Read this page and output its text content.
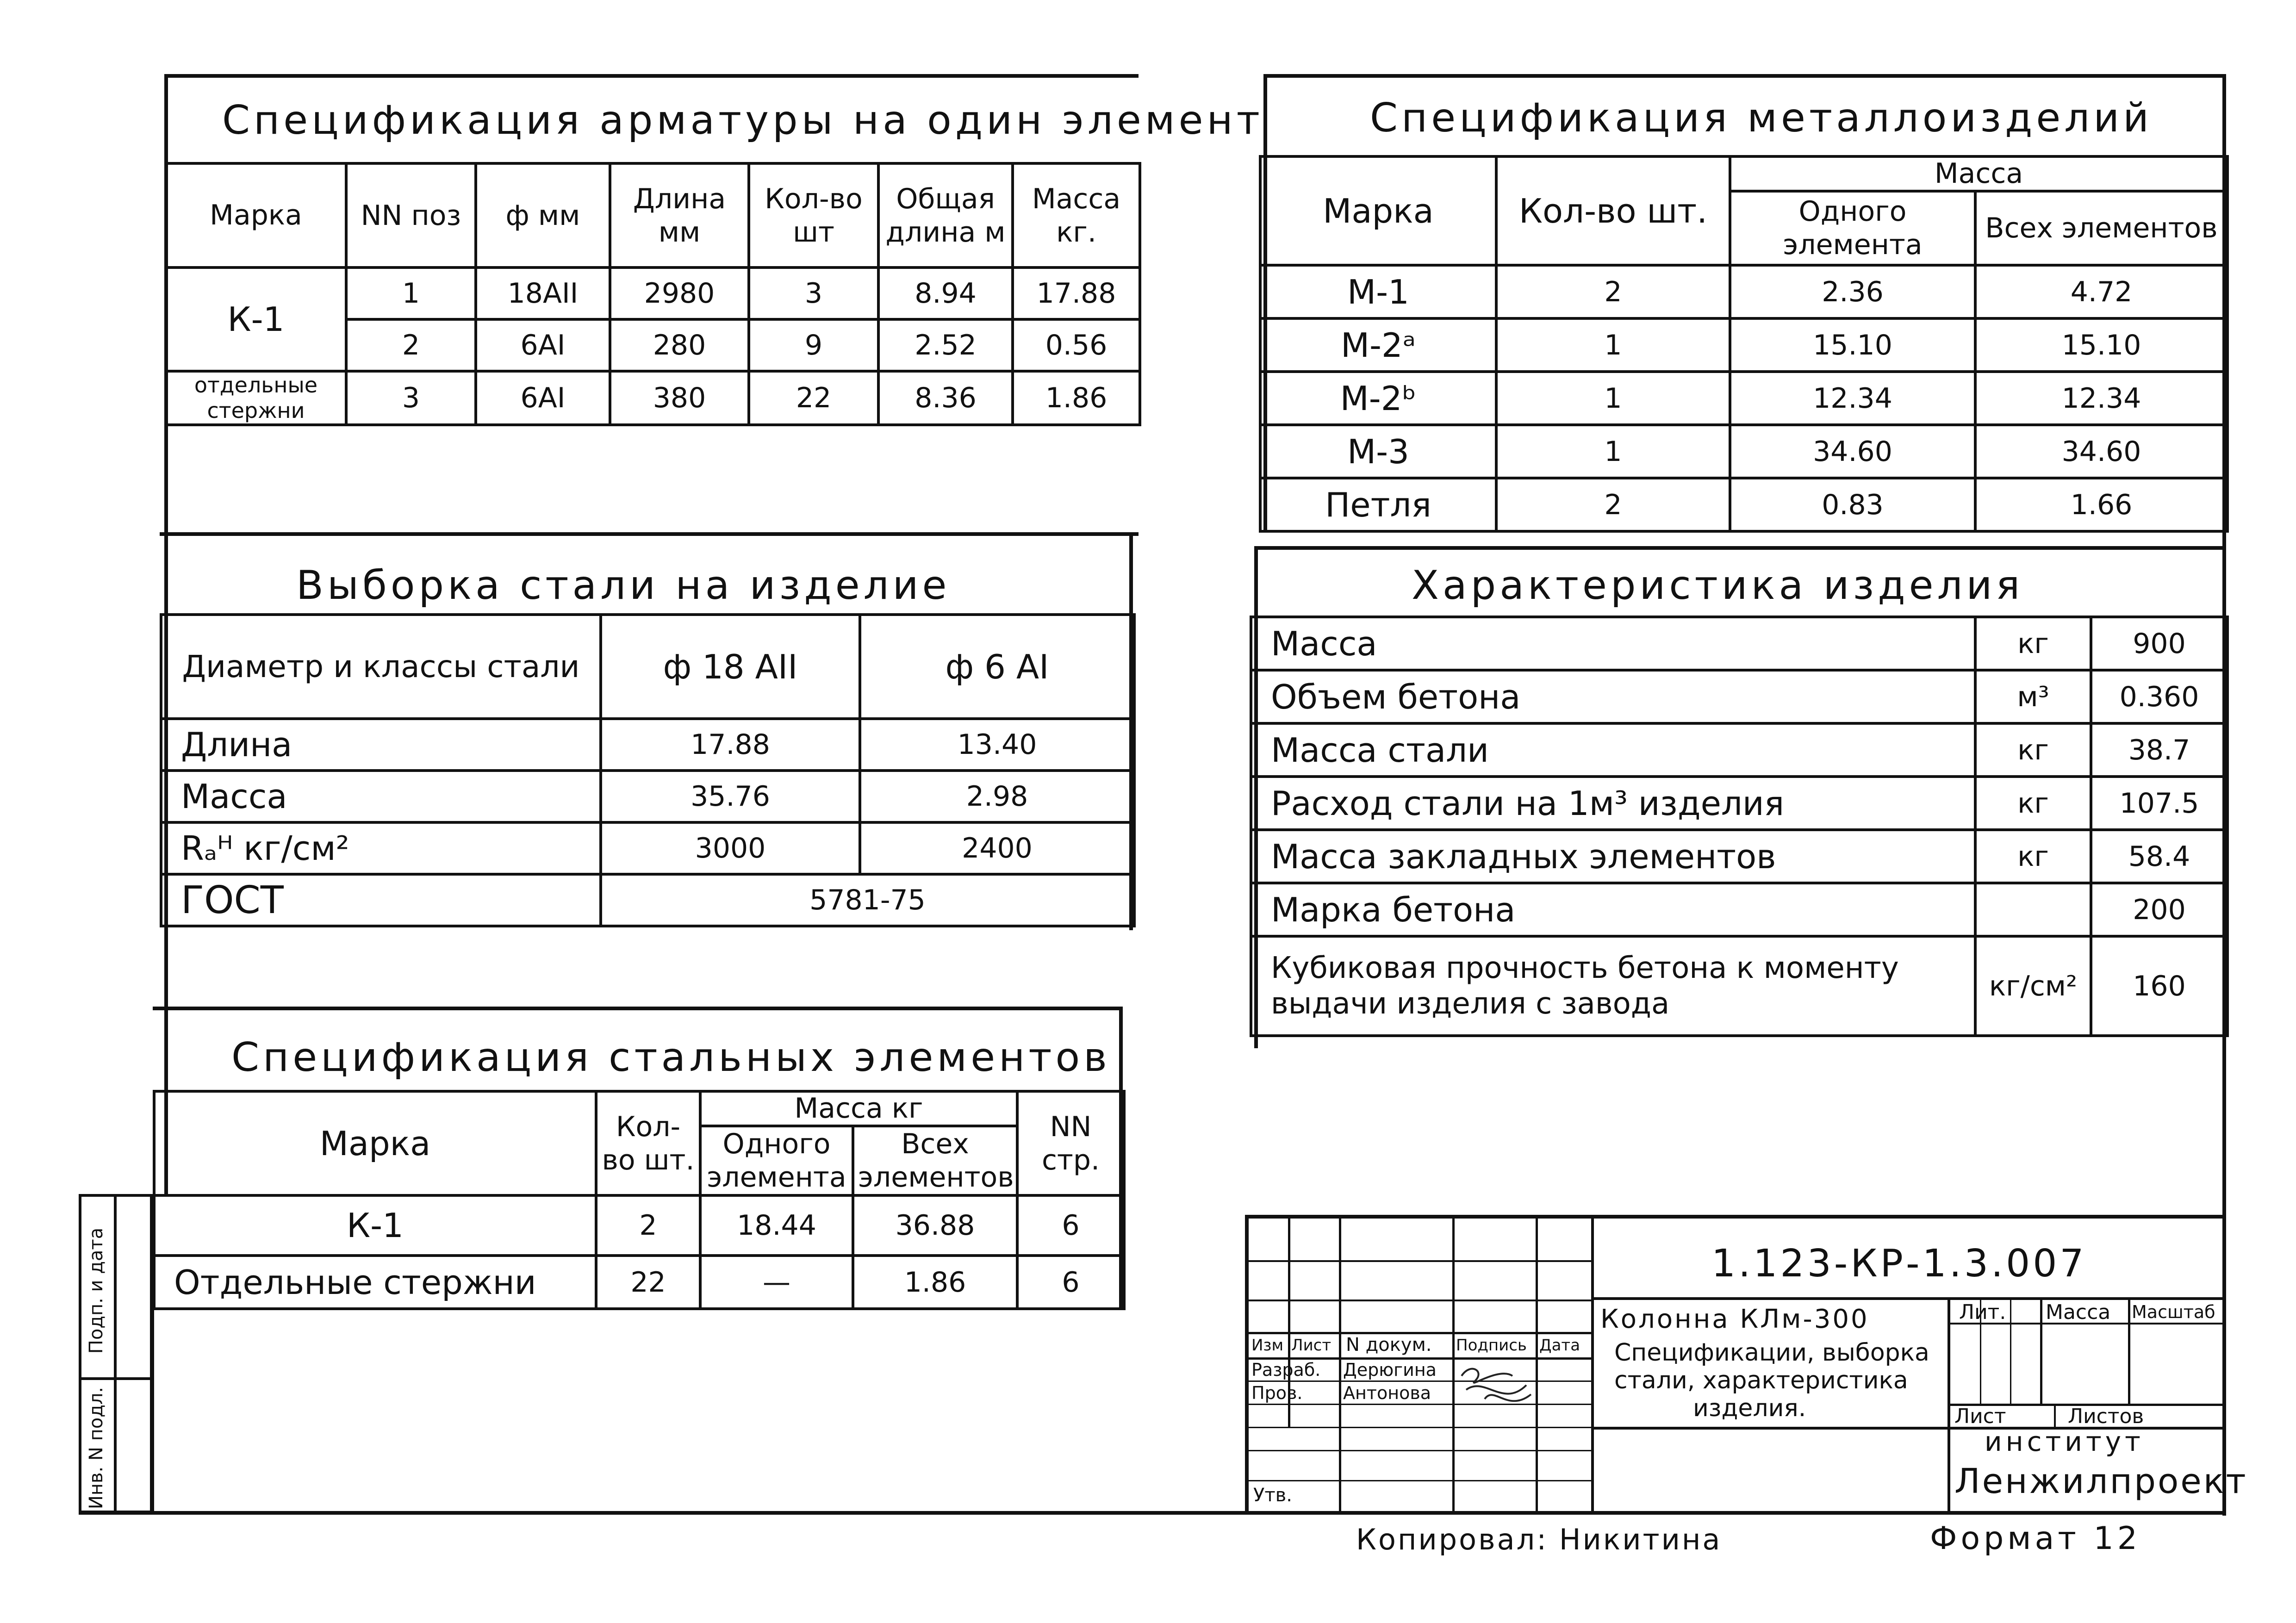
Спецификация арматуры на один элемент
Марка	NN поз	ф мм	Длина мм	Кол-во шт	Общая длина м	Масса кг.
К-1	1	18АII	2980	3	8.94	17.88
	2	6АI	280	9	2.52	0.56
отдельные стержни	3	6АI	380	22	8.36	1.86
Выборка стали на изделие
Диаметр и классы стали	ф 18 АII	ф 6 АI
Длина	17.88	13.40
Масса	35.76	2.98
Rₐᴴ кг/см²	3000	2400
ГОСТ	5781-75	
Спецификация стальных элементов
Марка	Кол-во шт.	Масса кг		NN стр.
		Одного элемента	Всех элементов	
К-1	2	18.44	36.88	6
Отдельные стержни	22	—	1.86	6
Спецификация металлоизделий
Марка	Кол-во шт.	Масса	
		Одного элемента	Всех элементов
М-1	2	2.36	4.72
М-2ᵃ	1	15.10	15.10
М-2ᵇ	1	12.34	12.34
М-3	1	34.60	34.60
Петля	2	0.83	1.66
Характеристика изделия
Масса	кг	900
Объем бетона	м³	0.360
Масса стали	кг	38.7
Расход стали на 1м³ изделия	кг	107.5
Масса закладных элементов	кг	58.4
Марка бетона		200
Кубиковая прочность бетона к моменту выдачи изделия с завода	кг/см²	160
Инв. N подл.
Подп. и дата	Изм Лист N докум. Подпись Дата
Разраб. Дерюгина
Пров. Антонова
Утв.
1.123-КР-1.3.007
Колонна КЛм-300
Спецификации, выборка
стали, характеристика
изделия.
Лит. Масса Масштаб
Лист	Листов
институт
Ленжилпроект
Копировал: Никитина	Формат 12
